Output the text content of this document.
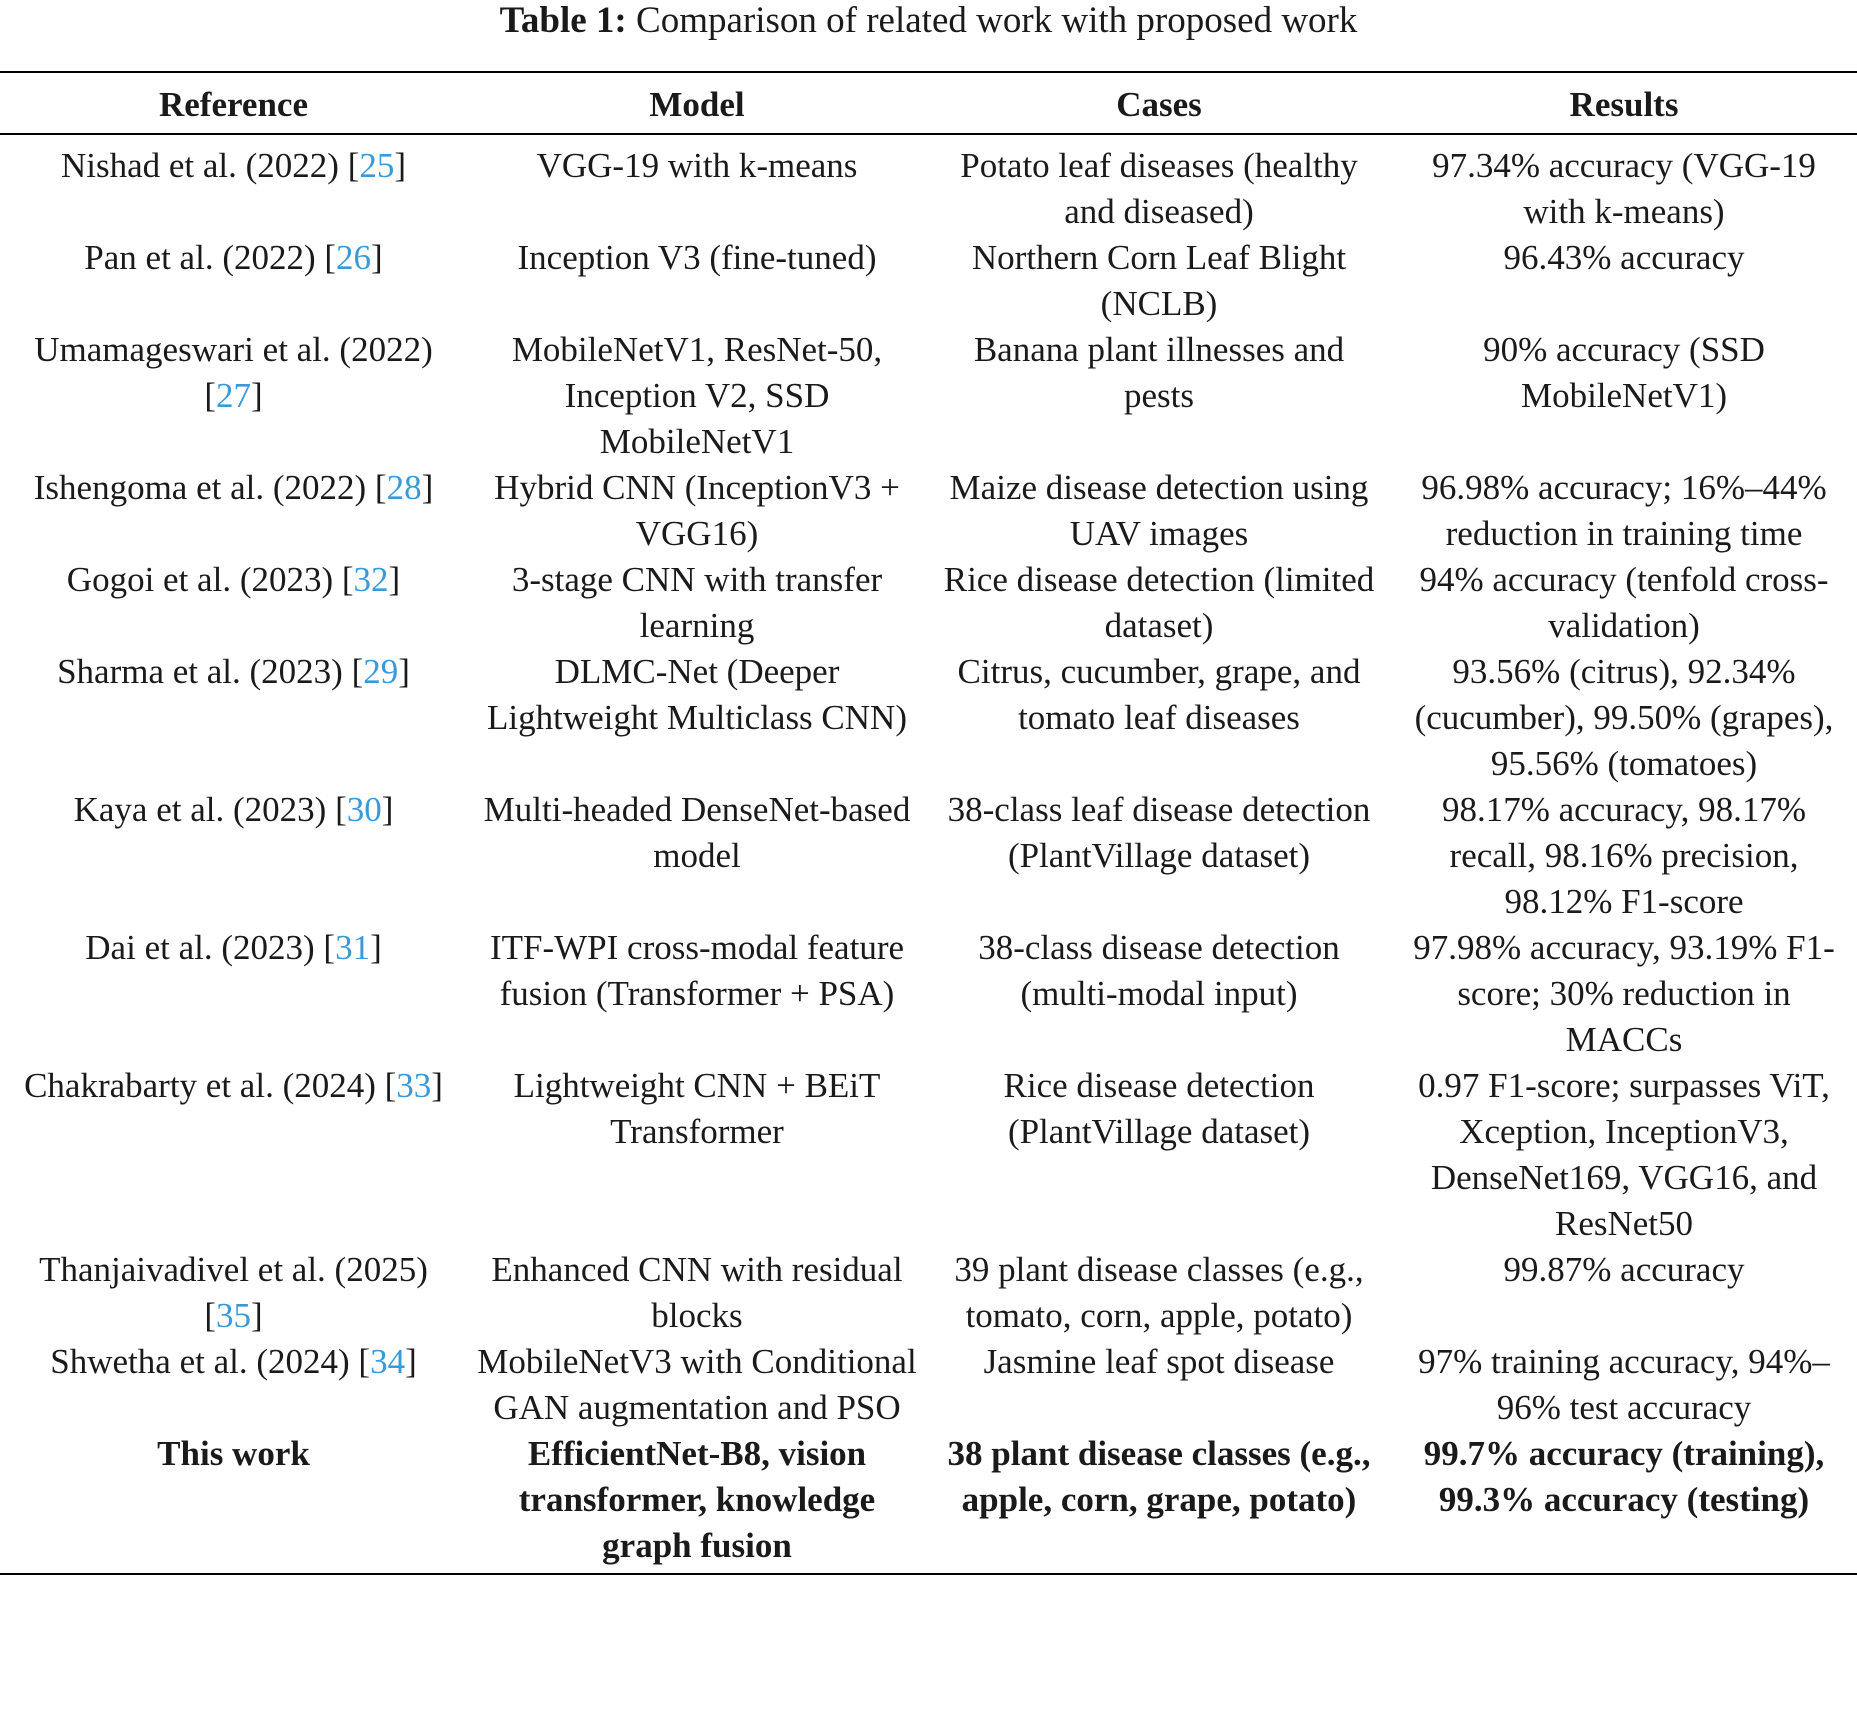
Table 1: Comparison of related work with proposed work
Reference	Model	Cases	Results
Nishad et al. (2022) [25]	VGG-19 with k-means	Potato leaf diseases (healthy and diseased)	97.34% accuracy (VGG-19 with k-means)
Pan et al. (2022) [26]	Inception V3 (fine-tuned)	Northern Corn Leaf Blight (NCLB)	96.43% accuracy
Umamageswari et al. (2022) [27]	MobileNetV1, ResNet-50, Inception V2, SSD MobileNetV1	Banana plant illnesses and pests	90% accuracy (SSD MobileNetV1)
Ishengoma et al. (2022) [28]	Hybrid CNN (InceptionV3 + VGG16)	Maize disease detection using UAV images	96.98% accuracy; 16%–44% reduction in training time
Gogoi et al. (2023) [32]	3-stage CNN with transfer learning	Rice disease detection (limited dataset)	94% accuracy (tenfold cross-validation)
Sharma et al. (2023) [29]	DLMC-Net (Deeper Lightweight Multiclass CNN)	Citrus, cucumber, grape, and tomato leaf diseases	93.56% (citrus), 92.34% (cucumber), 99.50% (grapes), 95.56% (tomatoes)
Kaya et al. (2023) [30]	Multi-headed DenseNet-based model	38-class leaf disease detection (PlantVillage dataset)	98.17% accuracy, 98.17% recall, 98.16% precision, 98.12% F1-score
Dai et al. (2023) [31]	ITF-WPI cross-modal feature fusion (Transformer + PSA)	38-class disease detection (multi-modal input)	97.98% accuracy, 93.19% F1-score; 30% reduction in MACCs
Chakrabarty et al. (2024) [33]	Lightweight CNN + BEiT Transformer	Rice disease detection (PlantVillage dataset)	0.97 F1-score; surpasses ViT, Xception, InceptionV3, DenseNet169, VGG16, and ResNet50
Thanjaivadivel et al. (2025) [35]	Enhanced CNN with residual blocks	39 plant disease classes (e.g., tomato, corn, apple, potato)	99.87% accuracy
Shwetha et al. (2024) [34]	MobileNetV3 with Conditional GAN augmentation and PSO	Jasmine leaf spot disease	97% training accuracy, 94%–96% test accuracy
This work	EfficientNet-B8, vision transformer, knowledge graph fusion	38 plant disease classes (e.g., apple, corn, grape, potato)	99.7% accuracy (training), 99.3% accuracy (testing)
